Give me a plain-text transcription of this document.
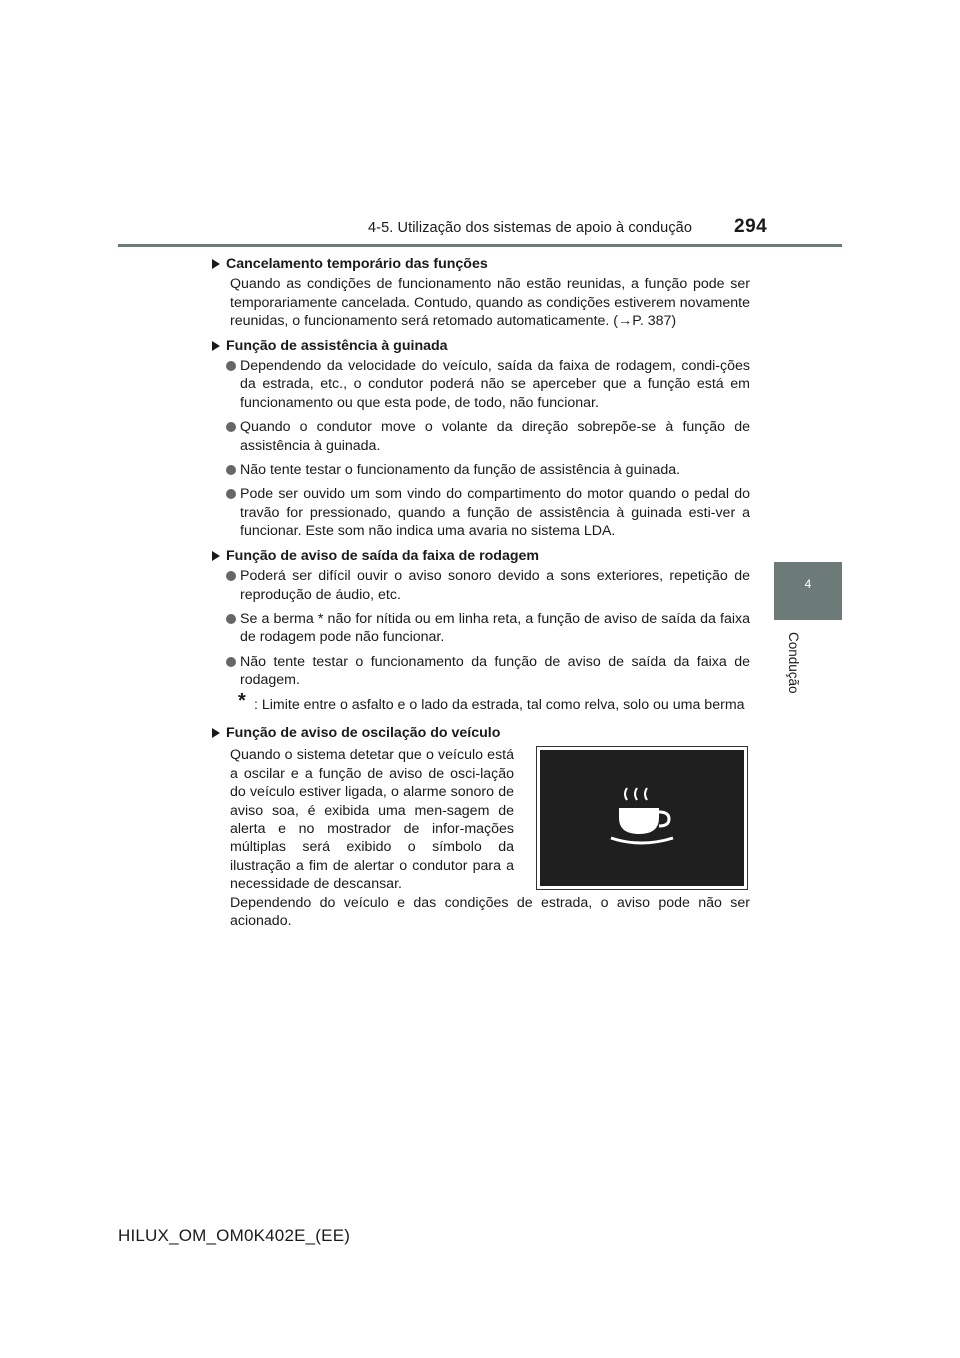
4-5. Utilização dos sistemas de apoio à condução 294
4
Condução
Cancelamento temporário das funções
Quando as condições de funcionamento não estão reunidas, a função pode ser temporariamente cancelada. Contudo, quando as condições estiverem novamente reunidas, o funcionamento será retomado automaticamente. (→P. 387)
Função de assistência à guinada
Dependendo da velocidade do veículo, saída da faixa de rodagem, condi-ções da estrada, etc., o condutor poderá não se aperceber que a função está em funcionamento ou que esta pode, de todo, não funcionar.
Quando o condutor move o volante da direção sobrepõe-se à função de assistência à guinada.
Não tente testar o funcionamento da função de assistência à guinada.
Pode ser ouvido um som vindo do compartimento do motor quando o pedal do travão for pressionado, quando a função de assistência à guinada esti-ver a funcionar. Este som não indica uma avaria no sistema LDA.
Função de aviso de saída da faixa de rodagem
Poderá ser difícil ouvir o aviso sonoro devido a sons exteriores, repetição de reprodução de áudio, etc.
Se a berma * não for nítida ou em linha reta, a função de aviso de saída da faixa de rodagem pode não funcionar.
Não tente testar o funcionamento da função de aviso de saída da faixa de rodagem.
* : Limite entre o asfalto e o lado da estrada, tal como relva, solo ou uma berma
Função de aviso de oscilação do veículo
Quando o sistema detetar que o veículo está a oscilar e a função de aviso de osci-lação do veículo estiver ligada, o alarme sonoro de aviso soa, é exibida uma men-sagem de alerta e no mostrador de infor-mações múltiplas será exibido o símbolo da ilustração a fim de alertar o condutor para a necessidade de descansar.
Dependendo do veículo e das condições de estrada, o aviso pode não ser acionado.
HILUX_OM_OM0K402E_(EE)
